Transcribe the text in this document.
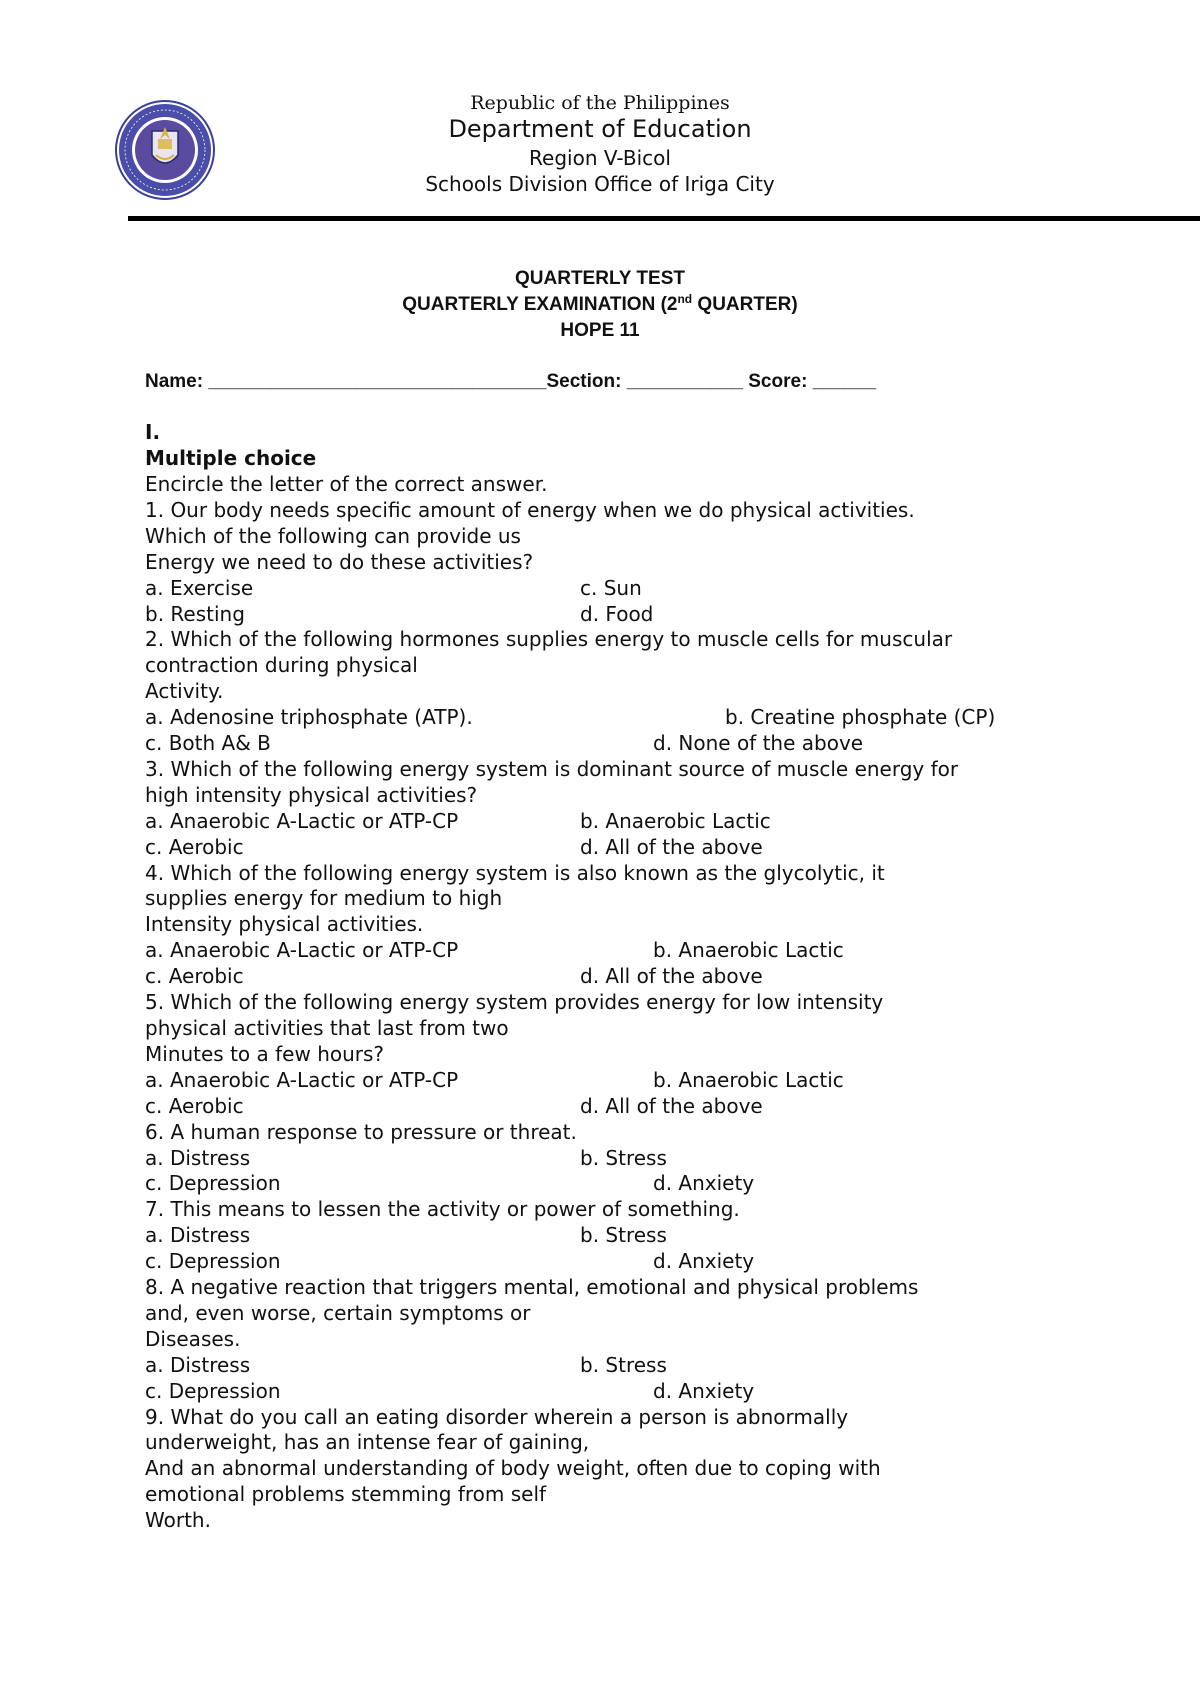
Republic of the Philippines
Department of Education
Region V-Bicol
Schools Division Office of Iriga City
QUARTERLY TEST
QUARTERLY EXAMINATION (2nd QUARTER)
HOPE 11
Name: ________________________________Section: ___________ Score: ______
I.
Multiple choice
Encircle the letter of the correct answer.
1. Our body needs specific amount of energy when we do physical activities.
Which of the following can provide us
Energy we need to do these activities?
a. Exercise	c. Sun
b. Resting	d. Food
2. Which of the following hormones supplies energy to muscle cells for muscular
contraction during physical
Activity.
a. Adenosine triphosphate (ATP).	b. Creatine phosphate (CP)
c. Both A& B	d. None of the above
3. Which of the following energy system is dominant source of muscle energy for
high intensity physical activities?
a. Anaerobic A-Lactic or ATP-CP	b. Anaerobic Lactic
c. Aerobic	d. All of the above
4. Which of the following energy system is also known as the glycolytic, it
supplies energy for medium to high
Intensity physical activities.
a. Anaerobic A-Lactic or ATP-CP	b. Anaerobic Lactic
c. Aerobic	d. All of the above
5. Which of the following energy system provides energy for low intensity
physical activities that last from two
Minutes to a few hours?
a. Anaerobic A-Lactic or ATP-CP	b. Anaerobic Lactic
c. Aerobic	d. All of the above
6. A human response to pressure or threat.
a. Distress	b. Stress
c. Depression	d. Anxiety
7. This means to lessen the activity or power of something.
a. Distress	b. Stress
c. Depression	d. Anxiety
8. A negative reaction that triggers mental, emotional and physical problems
and, even worse, certain symptoms or
Diseases.
a. Distress	b. Stress
c. Depression	d. Anxiety
9. What do you call an eating disorder wherein a person is abnormally
underweight, has an intense fear of gaining,
And an abnormal understanding of body weight, often due to coping with
emotional problems stemming from self
Worth.
